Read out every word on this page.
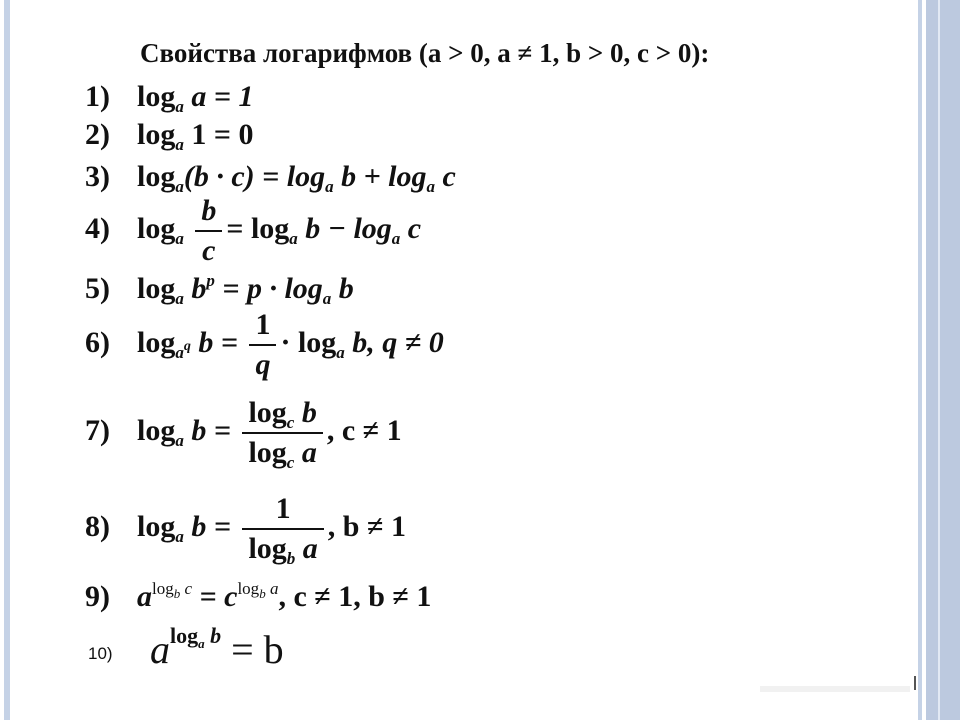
Свойства логарифмов (a > 0, a ≠ 1, b > 0, c > 0):
1) $\log_a a = 1$
2) $\log_a 1 = 0$
3) $\log_a(b \cdot c) = \log_a b + \log_a c$
4) $\log_a \frac{b}{c} = \log_a b - \log_a c$
5) $\log_a b^p = p \cdot \log_a b$
6) $\log_{a^q} b = \frac{1}{q} \cdot \log_a b$, q ≠ 0
7) $\log_a b = \frac{\log_c b}{\log_c a}$ , c ≠ 1
8) $\log_a b = \frac{1}{\log_b a}$ , b ≠ 1
9) $a^{log_b c} = c^{log_b a}$, c ≠ 1, b ≠ 1
10) $a^{log_a b} = b$
